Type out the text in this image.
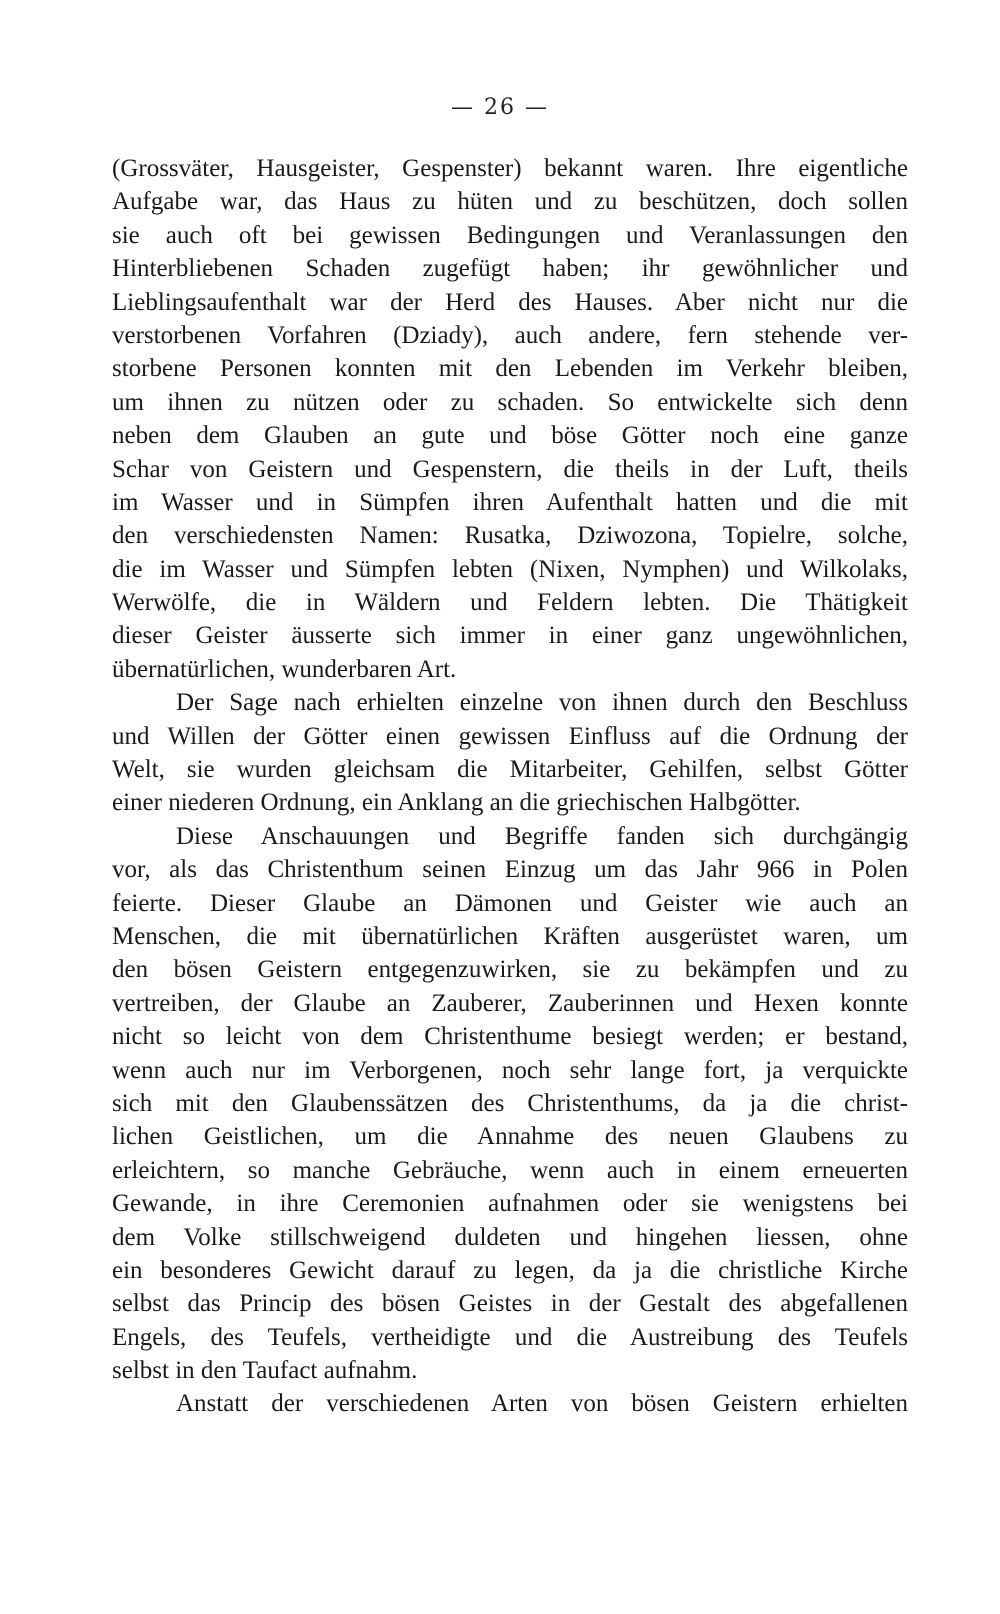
— 26 —
(Grossväter, Hausgeister, Gespenster) bekannt waren. Ihre eigentliche
Aufgabe war, das Haus zu hüten und zu beschützen, doch sollen
sie auch oft bei gewissen Bedingungen und Veranlassungen den
Hinterbliebenen Schaden zugefügt haben; ihr gewöhnlicher und
Lieblingsaufenthalt war der Herd des Hauses. Aber nicht nur die
verstorbenen Vorfahren (Dziady), auch andere, fern stehende ver-
storbene Personen konnten mit den Lebenden im Verkehr bleiben,
um ihnen zu nützen oder zu schaden. So entwickelte sich denn
neben dem Glauben an gute und böse Götter noch eine ganze
Schar von Geistern und Gespenstern, die theils in der Luft, theils
im Wasser und in Sümpfen ihren Aufenthalt hatten und die mit
den verschiedensten Namen: Rusatka, Dziwozona, Topielre, solche,
die im Wasser und Sümpfen lebten (Nixen, Nymphen) und Wilkolaks,
Werwölfe, die in Wäldern und Feldern lebten. Die Thätigkeit
dieser Geister äusserte sich immer in einer ganz ungewöhnlichen,
übernatürlichen, wunderbaren Art.
Der Sage nach erhielten einzelne von ihnen durch den Beschluss
und Willen der Götter einen gewissen Einfluss auf die Ordnung der
Welt, sie wurden gleichsam die Mitarbeiter, Gehilfen, selbst Götter
einer niederen Ordnung, ein Anklang an die griechischen Halbgötter.
Diese Anschauungen und Begriffe fanden sich durchgängig
vor, als das Christenthum seinen Einzug um das Jahr 966 in Polen
feierte. Dieser Glaube an Dämonen und Geister wie auch an
Menschen, die mit übernatürlichen Kräften ausgerüstet waren, um
den bösen Geistern entgegenzuwirken, sie zu bekämpfen und zu
vertreiben, der Glaube an Zauberer, Zauberinnen und Hexen konnte
nicht so leicht von dem Christenthume besiegt werden; er bestand,
wenn auch nur im Verborgenen, noch sehr lange fort, ja verquickte
sich mit den Glaubenssätzen des Christenthums, da ja die christ-
lichen Geistlichen, um die Annahme des neuen Glaubens zu
erleichtern, so manche Gebräuche, wenn auch in einem erneuerten
Gewande, in ihre Ceremonien aufnahmen oder sie wenigstens bei
dem Volke stillschweigend duldeten und hingehen liessen, ohne
ein besonderes Gewicht darauf zu legen, da ja die christliche Kirche
selbst das Princip des bösen Geistes in der Gestalt des abgefallenen
Engels, des Teufels, vertheidigte und die Austreibung des Teufels
selbst in den Taufact aufnahm.
Anstatt der verschiedenen Arten von bösen Geistern erhielten
